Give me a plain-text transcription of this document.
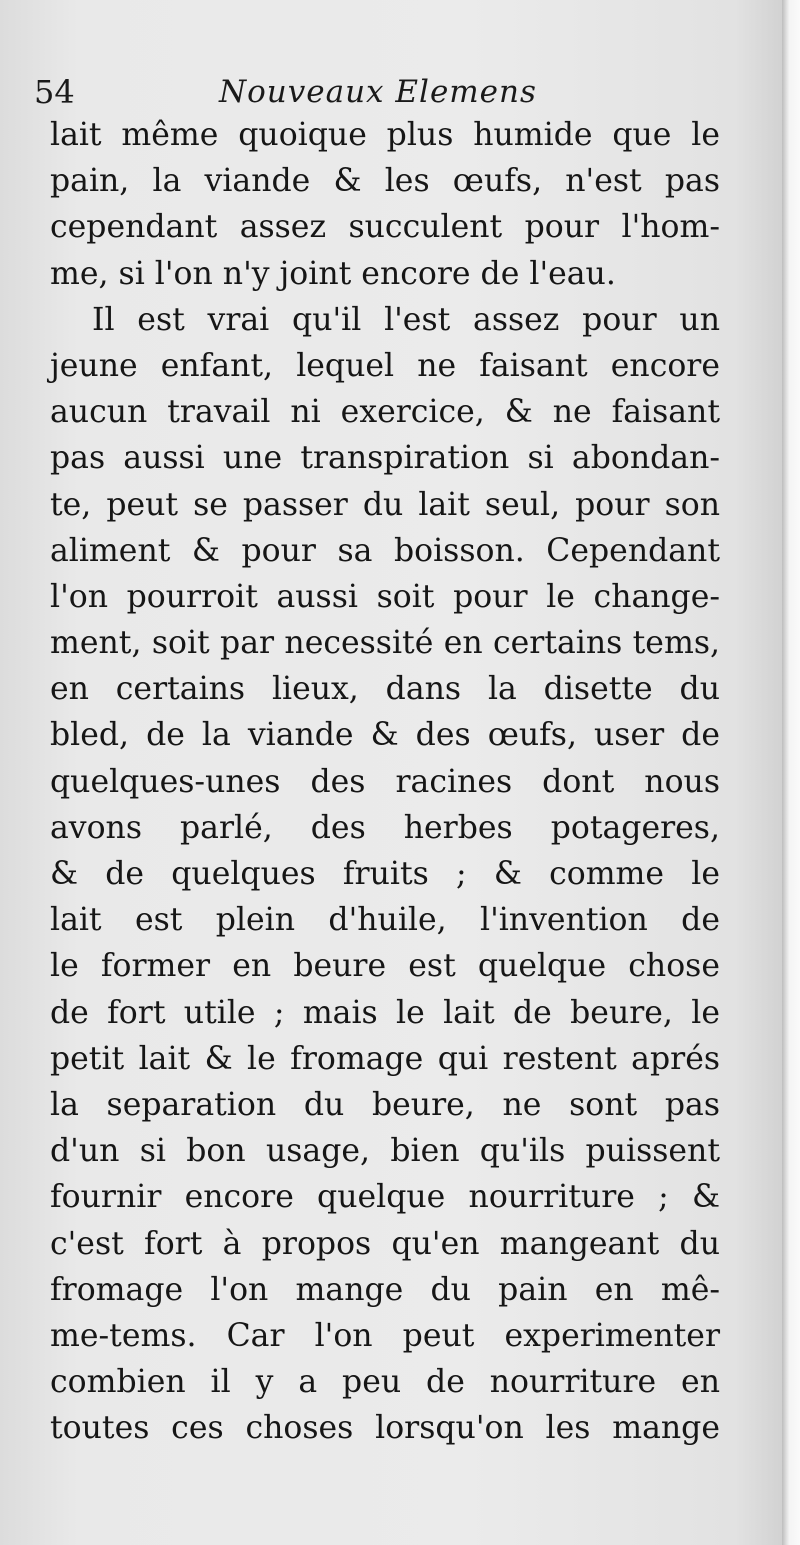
54	Nouveaux Elemens
lait même quoique plus humide que le
pain, la viande & les œufs, n'est pas
cependant assez succulent pour l'hom-
me, si l'on n'y joint encore de l'eau.
Il est vrai qu'il l'est assez pour un
jeune enfant, lequel ne faisant encore
aucun travail ni exercice, & ne faisant
pas aussi une transpiration si abondan-
te, peut se passer du lait seul, pour son
aliment & pour sa boisson. Cependant
l'on pourroit aussi soit pour le change-
ment, soit par necessité en certains tems,
en certains lieux, dans la disette du
bled, de la viande & des œufs, user de
quelques-unes des racines dont nous
avons parlé, des herbes potageres,
& de quelques fruits ; & comme le
lait est plein d'huile, l'invention de
le former en beure est quelque chose
de fort utile ; mais le lait de beure, le
petit lait & le fromage qui restent aprés
la separation du beure, ne sont pas
d'un si bon usage, bien qu'ils puissent
fournir encore quelque nourriture ; &
c'est fort à propos qu'en mangeant du
fromage l'on mange du pain en mê-
me-tems. Car l'on peut experimenter
combien il y a peu de nourriture en
toutes ces choses lorsqu'on les mange
